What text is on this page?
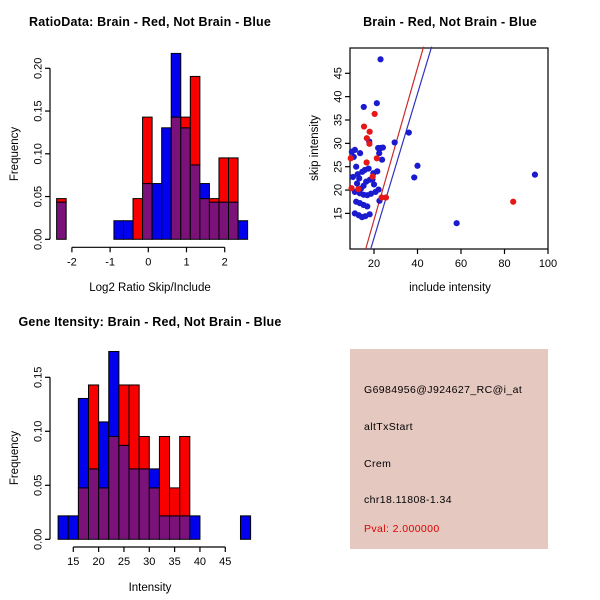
RatioData: Brain - Red, Not Brain - Blue
0.00
0.05
0.10
0.15
0.20
-2	-1	0	1	2
Log2 Ratio Skip/Include
Frequency
Brain - Red, Not Brain - Blue
15
20
25
30
35
40
45
20	40	60	80	100
include intensity
skip intensity
Gene Itensity: Brain - Red, Not Brain - Blue
0.00
0.05
0.10
0.15
15 20 25 30 35 40 45
Intensity
Frequency
G6984956@J924627_RC@i_at
altTxStart
Crem
chr18.11808-1.34
Pval: 2.000000
